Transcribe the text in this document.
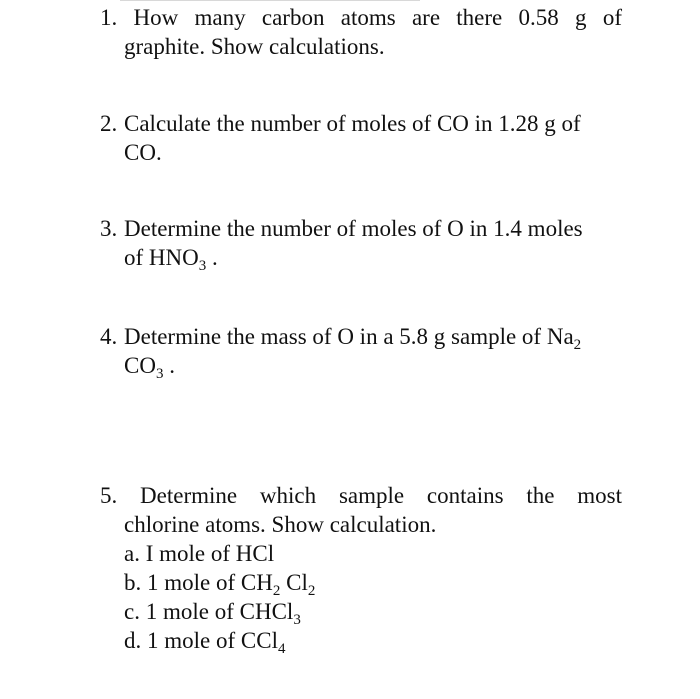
1. How many carbon atoms are there 0.58 g of
graphite. Show calculations.
2. Calculate the number of moles of CO in 1.28 g of
CO.
3. Determine the number of moles of O in 1.4 moles
of $HNO_3$ .
4. Determine the mass of O in a 5.8 g sample of $Na_2$
$CO_3$ .
5. Determine which sample contains the most
chlorine atoms. Show calculation.
a. I mole of HCl
b. 1 mole of $CH_2$ $Cl_2$
c. 1 mole of CHCl$_3$
d. 1 mole of CCl$_4$
